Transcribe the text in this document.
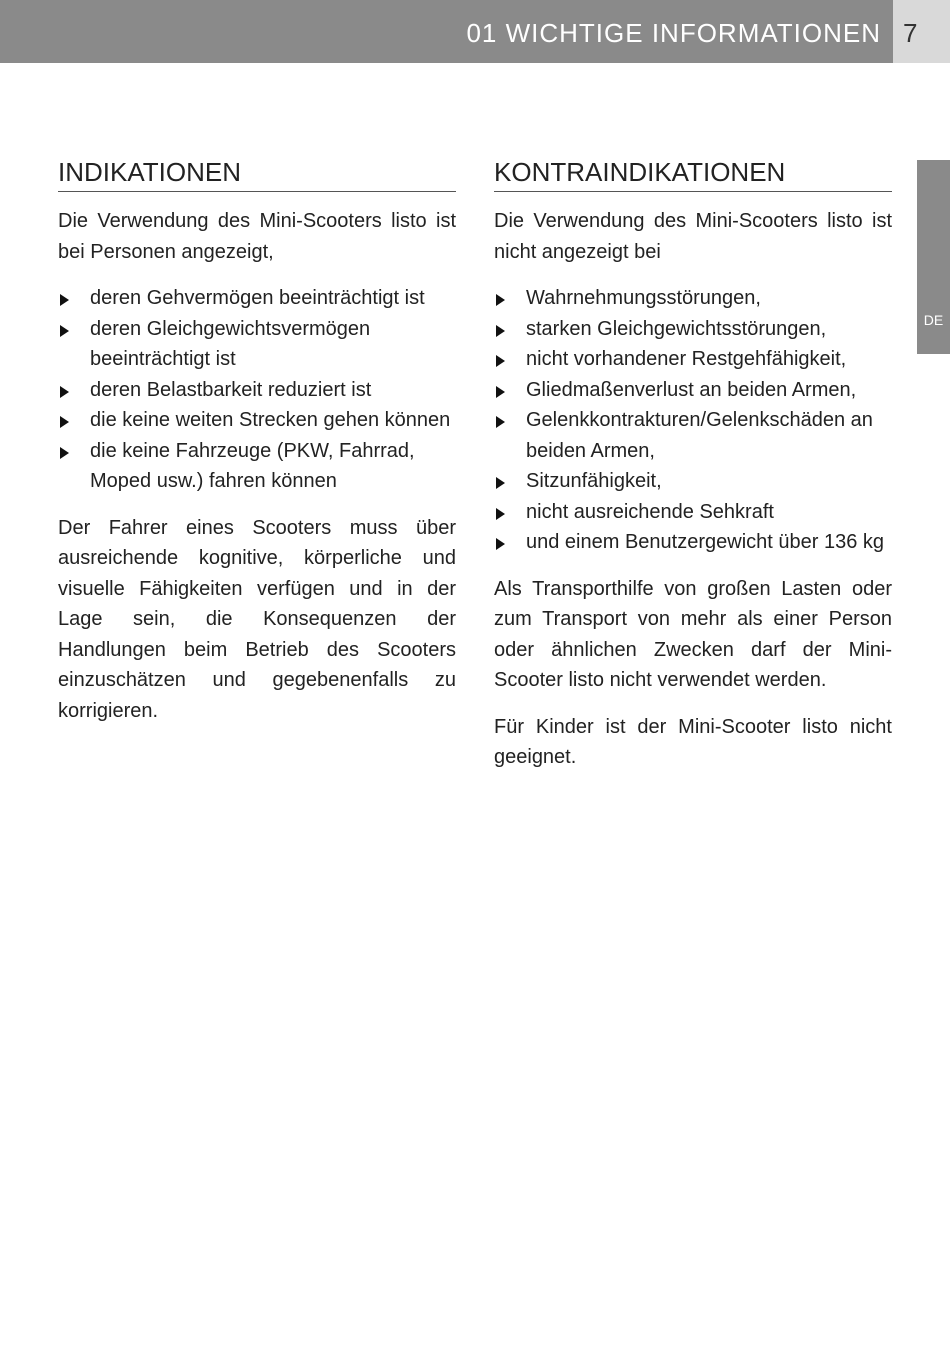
01 WICHTIGE INFORMATIONEN 7
DE
INDIKATIONEN

Die Verwendung des Mini-Scooters listo ist bei Personen angezeigt,

deren Gehvermögen beeinträchtigt ist
deren Gleichgewichtsvermögen beeinträchtigt ist
deren Belastbarkeit reduziert ist
die keine weiten Strecken gehen können
die keine Fahrzeuge (PKW, Fahrrad, Moped usw.) fahren können

Der Fahrer eines Scooters muss über ausreichende kognitive, körperliche und visuelle Fähigkeiten verfügen und in der Lage sein, die Konsequenzen der Handlungen beim Betrieb des Scooters einzuschätzen und gegebenenfalls zu korrigieren.

KONTRAINDIKATIONEN

Die Verwendung des Mini-Scooters listo ist nicht angezeigt bei

Wahrnehmungsstörungen,
starken Gleichgewichtsstörungen,
nicht vorhandener Restgehfähigkeit,
Gliedmaßenverlust an beiden Armen,
Gelenkkontrakturen/Gelenkschäden an beiden Armen,
Sitzunfähigkeit,
nicht ausreichende Sehkraft
und einem Benutzergewicht über 136 kg

Als Transporthilfe von großen Lasten oder zum Transport von mehr als einer Person oder ähnlichen Zwecken darf der Mini-Scooter listo nicht verwendet werden.

Für Kinder ist der Mini-Scooter listo nicht geeignet.
